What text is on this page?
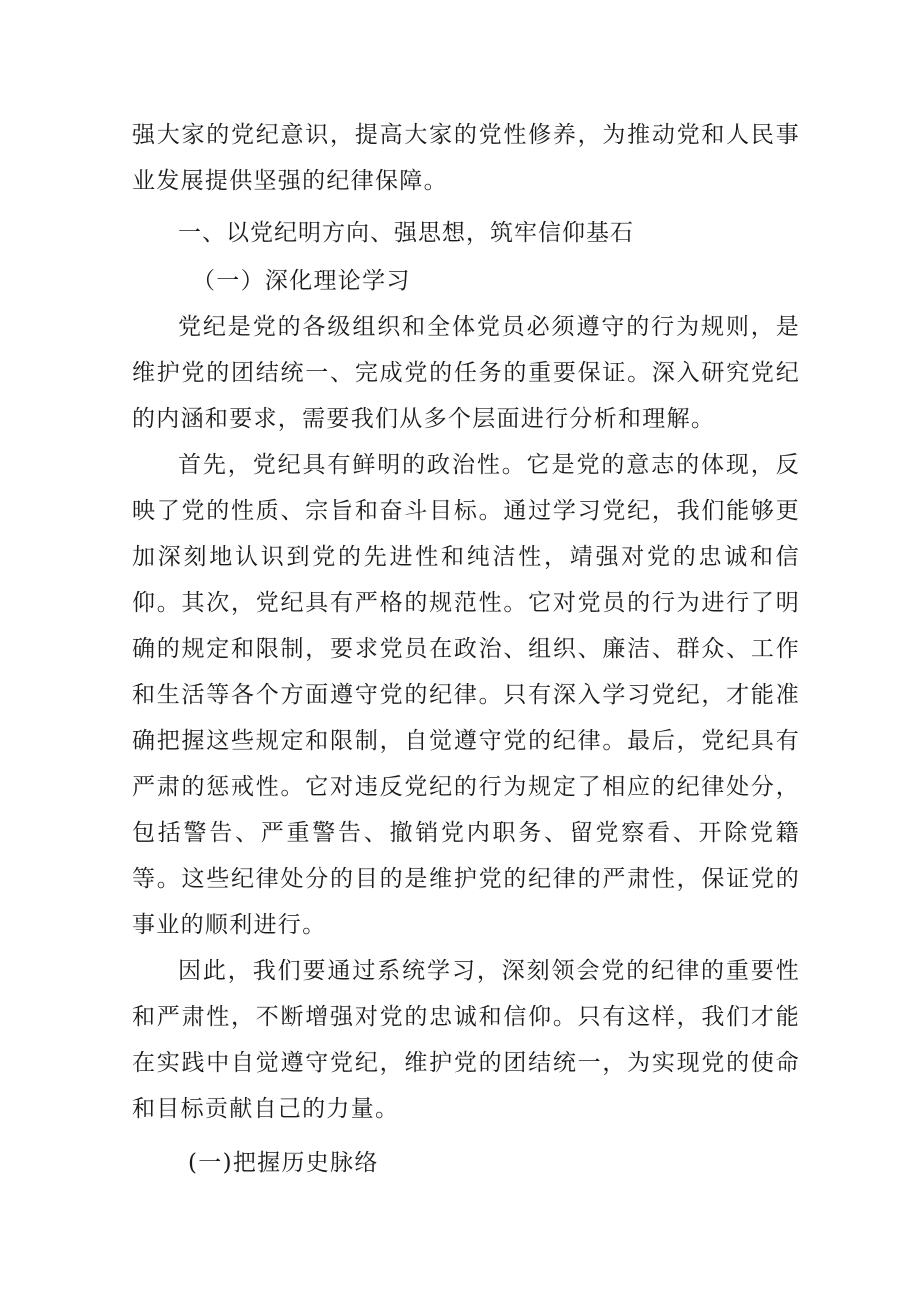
强大家的党纪意识，提高大家的党性修养，为推动党和人民事业发展提供坚强的纪律保障。

一、以党纪明方向、强思想，筑牢信仰基石
（一）深化理论学习

党纪是党的各级组织和全体党员必须遵守的行为规则，是维护党的团结统一、完成党的任务的重要保证。深入研究党纪的内涵和要求，需要我们从多个层面进行分析和理解。

首先，党纪具有鲜明的政治性。它是党的意志的体现，反映了党的性质、宗旨和奋斗目标。通过学习党纪，我们能够更加深刻地认识到党的先进性和纯洁性，靖强对党的忠诚和信仰。其次，党纪具有严格的规范性。它对党员的行为进行了明确的规定和限制，要求党员在政治、组织、廉洁、群众、工作和生活等各个方面遵守党的纪律。只有深入学习党纪，才能准确把握这些规定和限制，自觉遵守党的纪律。最后，党纪具有严肃的惩戒性。它对违反党纪的行为规定了相应的纪律处分，包括警告、严重警告、撤销党内职务、留党察看、开除党籍等。这些纪律处分的目的是维护党的纪律的严肃性，保证党的事业的顺利进行。

因此，我们要通过系统学习，深刻领会党的纪律的重要性和严肃性，不断增强对党的忠诚和信仰。只有这样，我们才能在实践中自觉遵守党纪，维护党的团结统一，为实现党的使命和目标贡献自己的力量。

(一)把握历史脉络
